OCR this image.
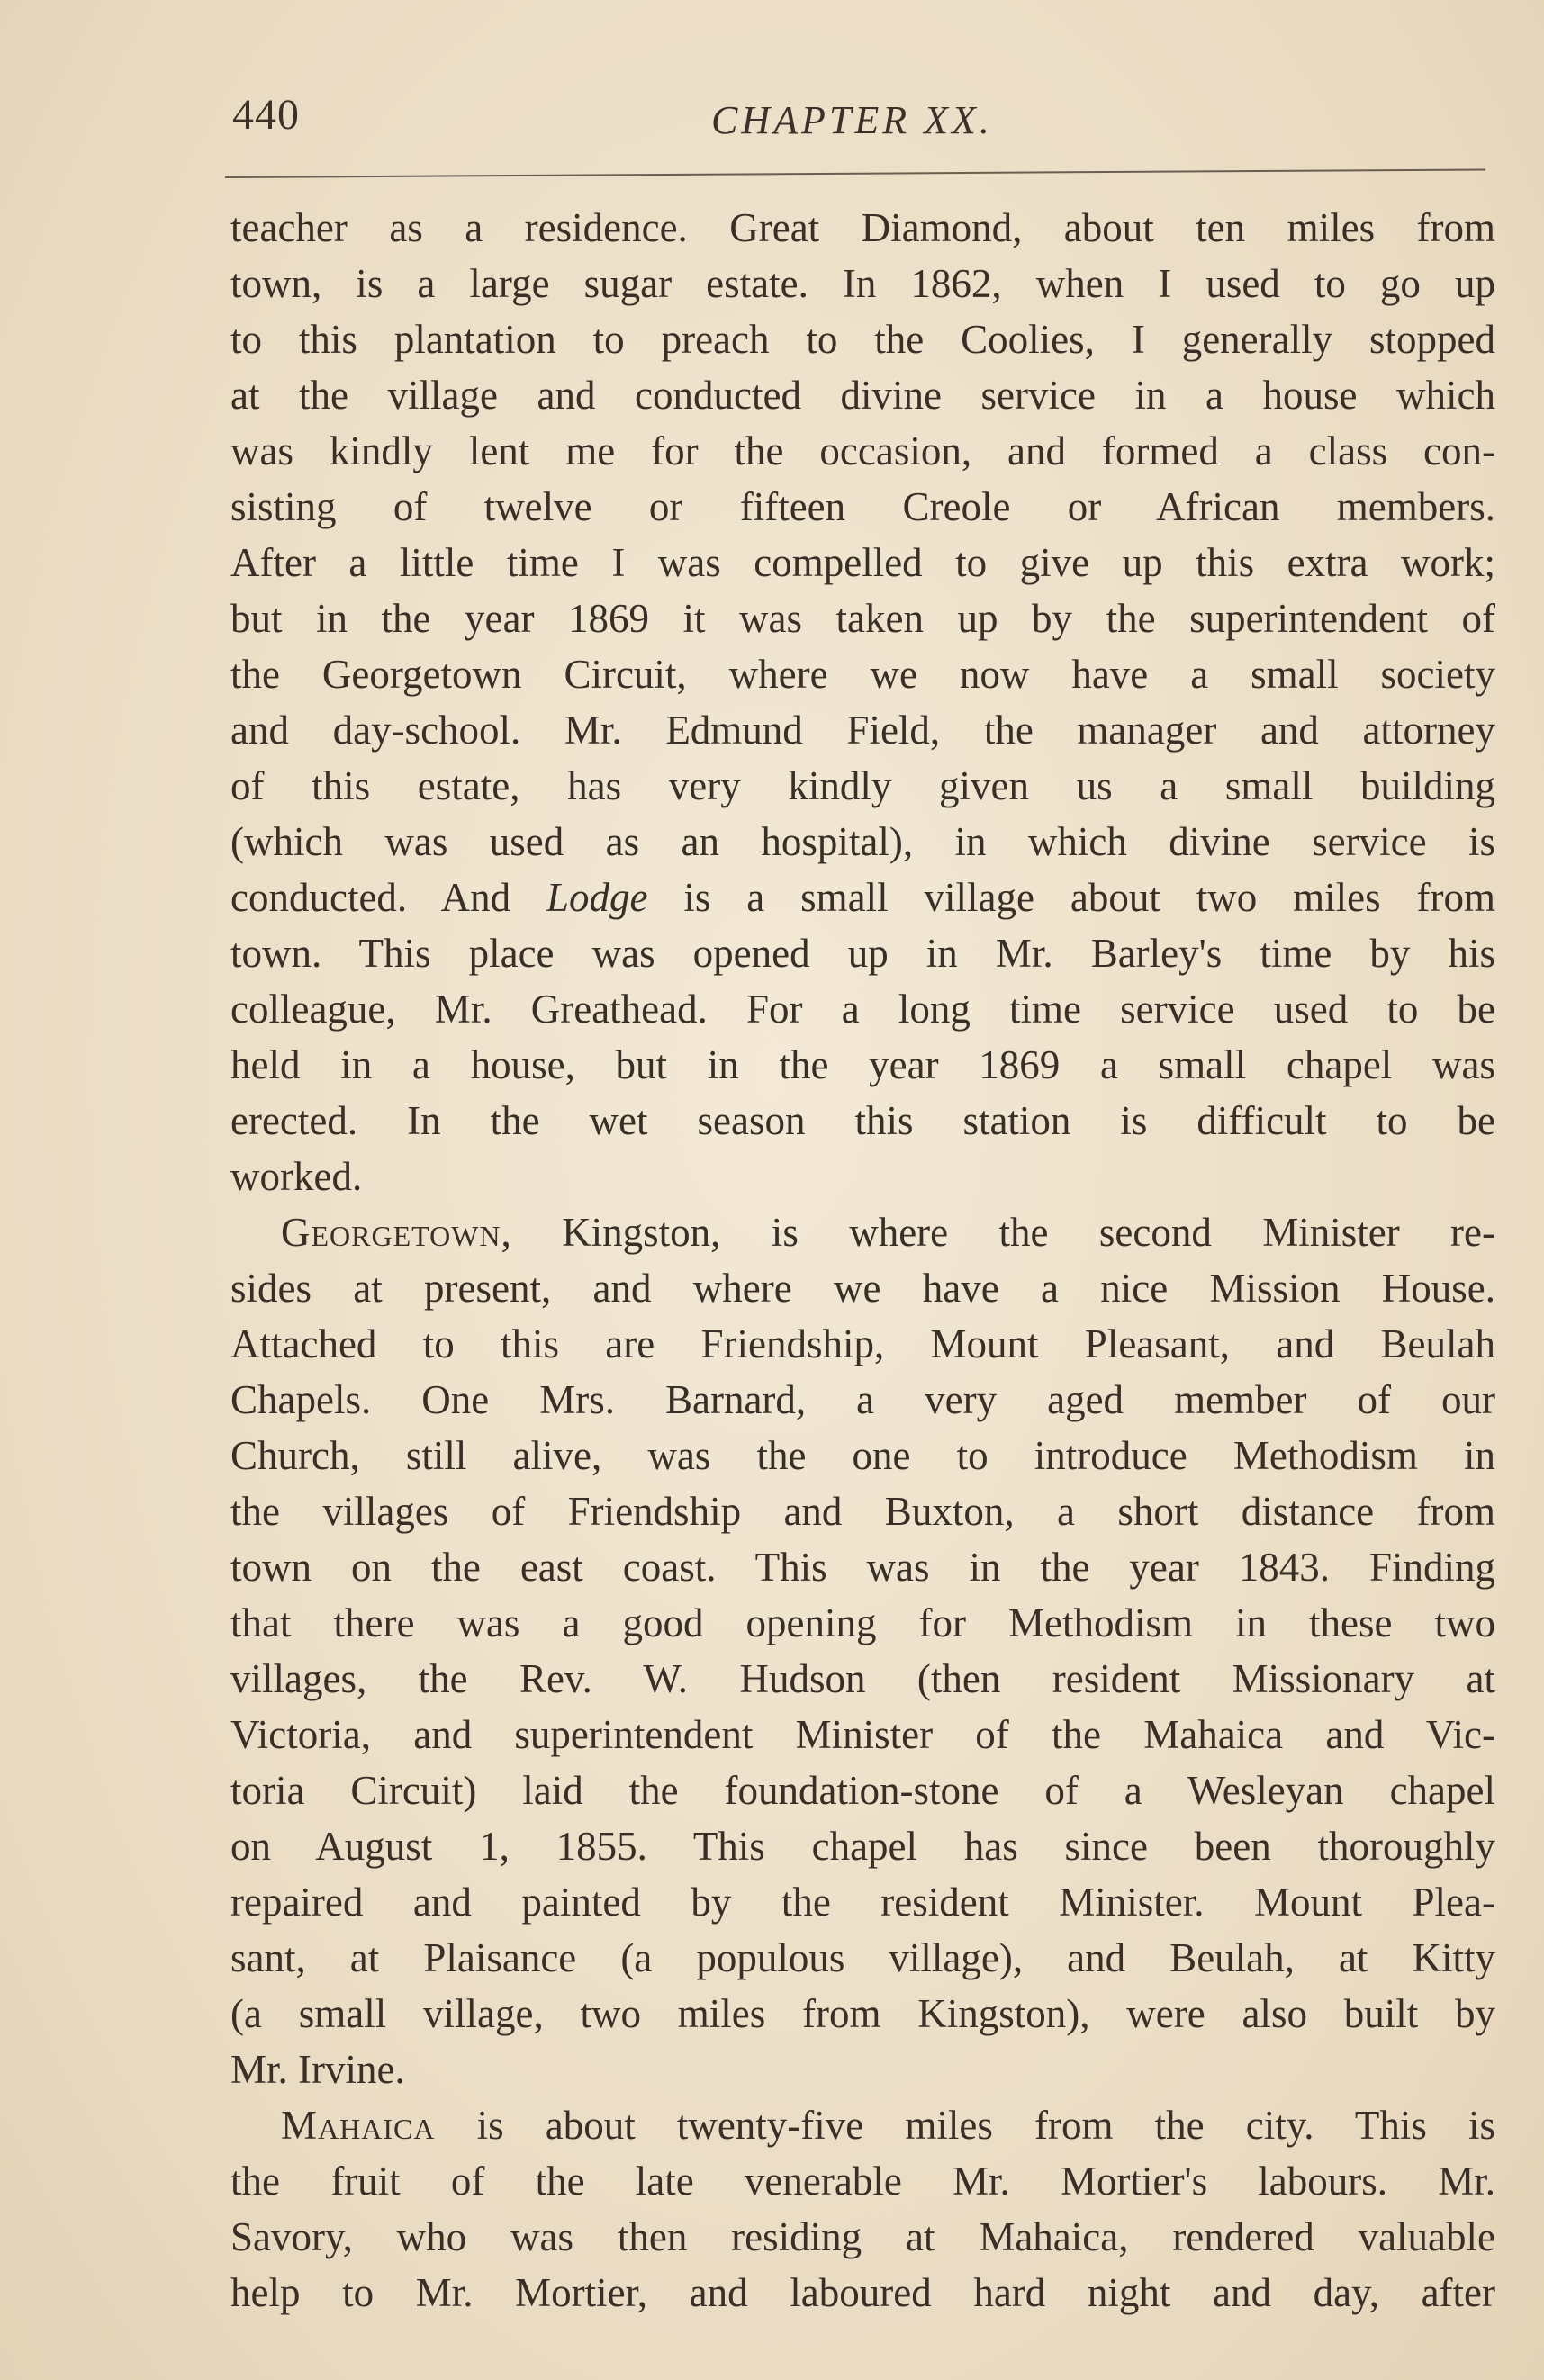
440	CHAPTER XX.
teacher as a residence. Great Diamond, about ten miles from
town, is a large sugar estate. In 1862, when I used to go up
to this plantation to preach to the Coolies, I generally stopped
at the village and conducted divine service in a house which
was kindly lent me for the occasion, and formed a class con-
sisting of twelve or fifteen Creole or African members.
After a little time I was compelled to give up this extra work;
but in the year 1869 it was taken up by the superintendent of
the Georgetown Circuit, where we now have a small society
and day-school. Mr. Edmund Field, the manager and attorney
of this estate, has very kindly given us a small building
(which was used as an hospital), in which divine service is
conducted. And Lodge is a small village about two miles from
town. This place was opened up in Mr. Barley's time by his
colleague, Mr. Greathead. For a long time service used to be
held in a house, but in the year 1869 a small chapel was
erected. In the wet season this station is difficult to be
worked.
Georgetown, Kingston, is where the second Minister re-
sides at present, and where we have a nice Mission House.
Attached to this are Friendship, Mount Pleasant, and Beulah
Chapels. One Mrs. Barnard, a very aged member of our
Church, still alive, was the one to introduce Methodism in
the villages of Friendship and Buxton, a short distance from
town on the east coast. This was in the year 1843. Finding
that there was a good opening for Methodism in these two
villages, the Rev. W. Hudson (then resident Missionary at
Victoria, and superintendent Minister of the Mahaica and Vic-
toria Circuit) laid the foundation-stone of a Wesleyan chapel
on August 1, 1855. This chapel has since been thoroughly
repaired and painted by the resident Minister. Mount Plea-
sant, at Plaisance (a populous village), and Beulah, at Kitty
(a small village, two miles from Kingston), were also built by
Mr. Irvine.
Mahaica is about twenty-five miles from the city. This is
the fruit of the late venerable Mr. Mortier's labours. Mr.
Savory, who was then residing at Mahaica, rendered valuable
help to Mr. Mortier, and laboured hard night and day, after
